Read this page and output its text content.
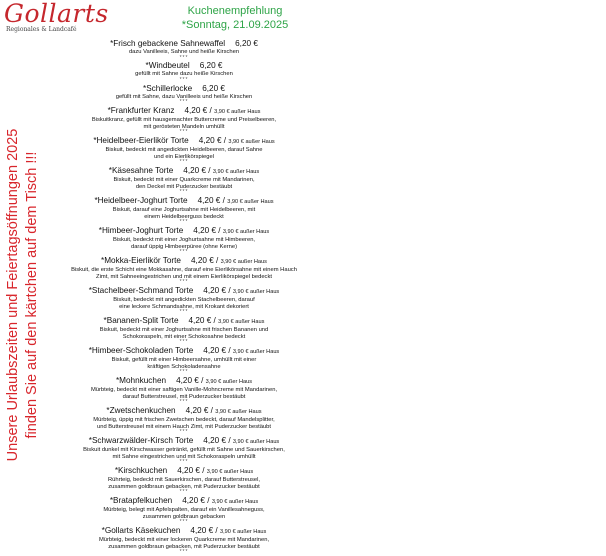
Gollarts
Regionales & Landcafé
Kuchenempfehlung
*Sonntag, 21.09.2025
Unsere Urlaubszeiten und Feiertagsöffnungen 2025 finden Sie auf den kärtchen auf dem Tisch !!!
*Frisch gebackene Sahnewaffel 6,20 €
dazu Vanilleeis, Sahne und heiße Kirschen
***
*Windbeutel 6,20 €
gefüllt mit Sahne dazu heiße Kirschen
***
*Schillerlocke 6,20 €
gefüllt mit Sahne, dazu Vanilleeis und heiße Kirschen
***
*Frankfurter Kranz 4,20 € / 3,90 € außer Haus
Biskuitkranz, gefüllt mit hausgemachter Buttercreme und Preiselbeeren,
mit gerösteten Mandeln umhüllt
***
*Heidelbeer-Eierlikör Torte 4,20 € / 3,90 € außer Haus
Biskuit, bedeckt mit angedickten Heidelbeeren, darauf Sahne
und ein Eierlikörspiegel
***
*Käsesahne Torte 4,20 € / 3,90 € außer Haus
Biskuit, bedeckt mit einer Quarkcreme mit Mandarinen,
den Deckel mit Puderzucker bestäubt
***
*Heidelbeer-Joghurt Torte 4,20 € / 3,90 € außer Haus
Biskuit, darauf eine Joghurtsahne mit Heidelbeeren, mit
einem Heidelbeerguss bedeckt
***
*Himbeer-Joghurt Torte 4,20 € / 3,90 € außer Haus
Biskuit, bedeckt mit einer Joghurtsahne mit Himbeeren,
darauf üppig Himbeerpüree (ohne Kerne)
***
*Mokka-Eierlikör Torte 4,20 € / 3,90 € außer Haus
Biskuit, die erste Schicht eine Mokkasahne, darauf eine Eierlikörsahne mit einem Hauch
Zimt, mit Sahneeingestrichen und mit einem Eierlikörspiegel bedeckt
***
*Stachelbeer-Schmand Torte 4,20 € / 3,90 € außer Haus
Biskuit, bedeckt mit angedickten Stachelbeeren, darauf
eine leckere Schmandsahne, mit Krokant dekoriert
***
*Bananen-Split Torte 4,20 € / 3,90 € außer Haus
Biskuit, bedeckt mit einer Joghurtsahne mit frischen Bananen und
Schokoraspeln, mit einer Schokosahne bedeckt
***
*Himbeer-Schokoladen Torte 4,20 € / 3,90 € außer Haus
Biskuit, gefüllt mit einer Himbeersahne, umhüllt mit einer
kräftigen Schokoladensahne
***
*Mohnkuchen 4,20 € / 3,90 € außer Haus
Mürbteig, bedeckt mit einer saftigen Vanille-Mohncreme mit Mandarinen,
darauf Butterstreusel, mit Puderzucker bestäubt
***
*Zwetschenkuchen 4,20 € / 3,90 € außer Haus
Mürbteig, üppig mit frischen Zwetschen bedeckt, darauf Mandelsplitter,
und Butterstreusel mit einem Hauch Zimt, mit Puderzucker bestäubt
***
*Schwarzwälder-Kirsch Torte 4,20 € / 3,90 € außer Haus
Biskuit dunkel mit Kirschwasser getränkt, gefüllt mit Sahne und Sauerkirschen,
mit Sahne eingestrichen und mit Schokoraspeln umhüllt
***
*Kirschkuchen 4,20 € / 3,90 € außer Haus
Rührteig, bedeckt mit Sauerkirschen, darauf Butterstreusel,
zusammen goldbraun gebacken, mit Puderzucker bestäubt
***
*Bratapfelkuchen 4,20 € / 3,90 € außer Haus
Mürbteig, belegt mit Apfelspalten, darauf ein Vanillesahneguss,
zusammen goldbraun gebacken
***
*Gollarts Käsekuchen 4,20 € / 3,90 € außer Haus
Mürbteig, bedeckt mit einer lockeren Quarkcreme mit Mandarinen,
zusammen goldbraun gebacken, mit Puderzucker bestäubt
***
